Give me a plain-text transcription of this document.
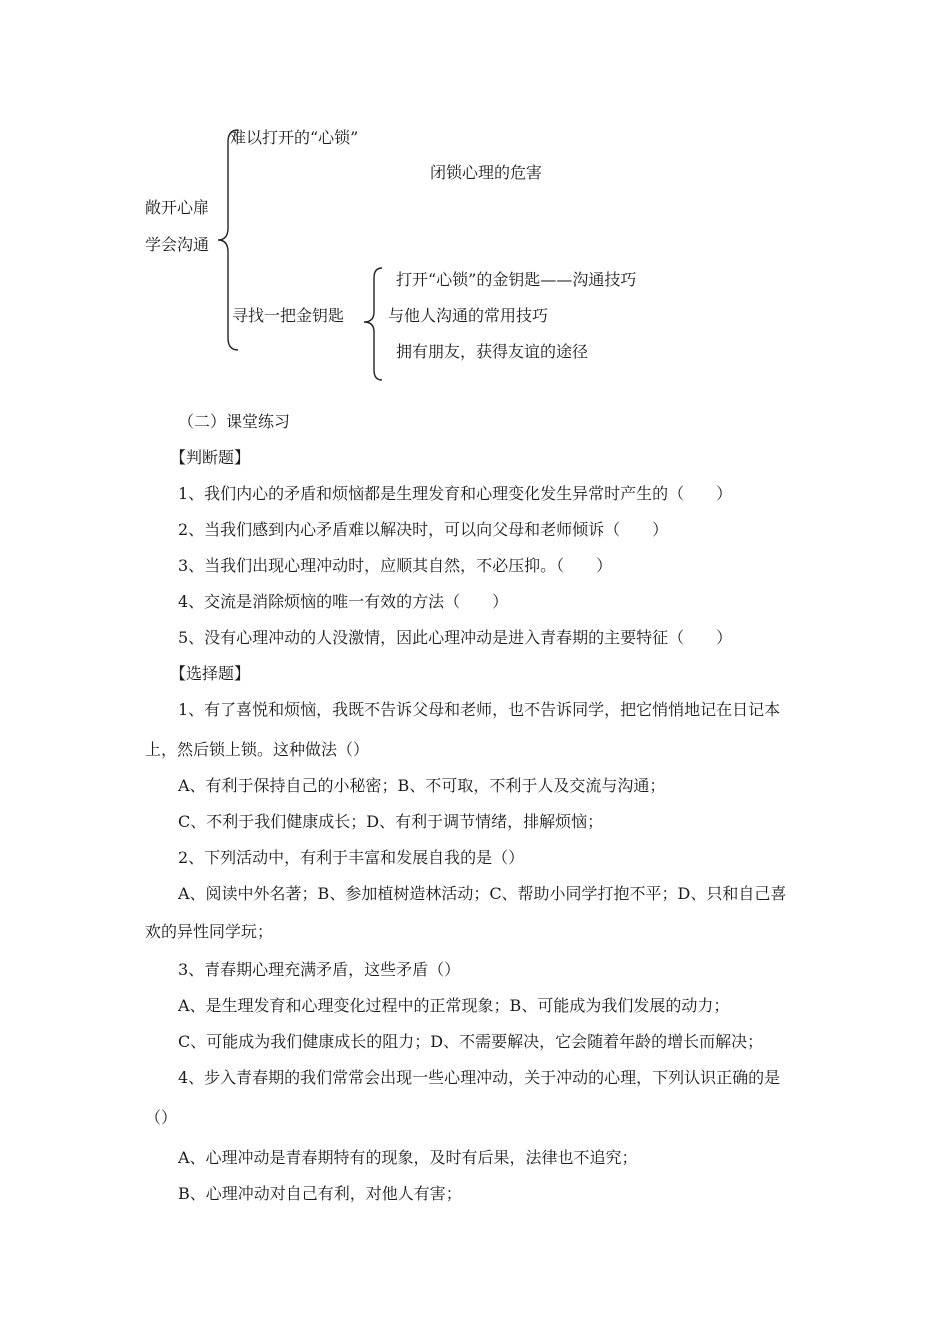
敞开心扉
学会沟通
难以打开的“心锁”
闭锁心理的危害
寻找一把金钥匙
打开“心锁”的金钥匙——沟通技巧
与他人沟通的常用技巧
拥有朋友，获得友谊的途径
（二）课堂练习
【判断题】
1、我们内心的矛盾和烦恼都是生理发育和心理变化发生异常时产生的（　　）
2、当我们感到内心矛盾难以解决时，可以向父母和老师倾诉（　　）
3、当我们出现心理冲动时，应顺其自然，不必压抑。（　　）
4、交流是消除烦恼的唯一有效的方法（　　）
5、没有心理冲动的人没激情，因此心理冲动是进入青春期的主要特征（　　）
【选择题】
1、有了喜悦和烦恼，我既不告诉父母和老师，也不告诉同学，把它悄悄地记在日记本
上，然后锁上锁。这种做法（）
A、有利于保持自己的小秘密；B、不可取，不利于人及交流与沟通；
C、不利于我们健康成长；D、有利于调节情绪，排解烦恼；
2、下列活动中，有利于丰富和发展自我的是（）
A、阅读中外名著；B、参加植树造林活动；C、帮助小同学打抱不平；D、只和自己喜
欢的异性同学玩；
3、青春期心理充满矛盾，这些矛盾（）
A、是生理发育和心理变化过程中的正常现象；B、可能成为我们发展的动力；
C、可能成为我们健康成长的阻力；D、不需要解决，它会随着年龄的增长而解决；
4、步入青春期的我们常常会出现一些心理冲动，关于冲动的心理，下列认识正确的是
（）
A、心理冲动是青春期特有的现象，及时有后果，法律也不追究；
B、心理冲动对自己有利，对他人有害；
